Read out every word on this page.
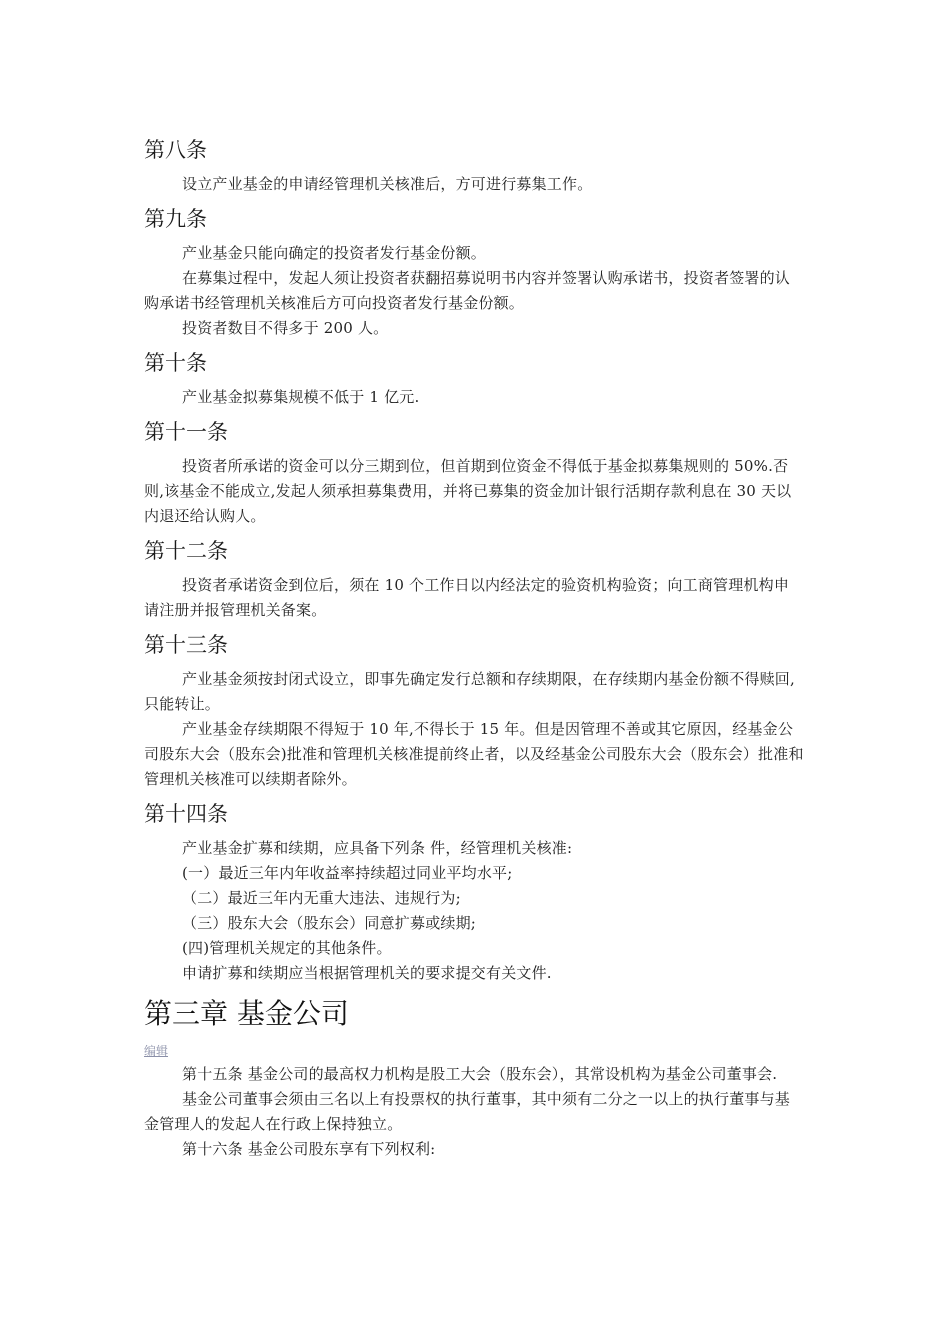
第八条

设立产业基金的申请经管理机关核准后，方可进行募集工作。

第九条

产业基金只能向确定的投资者发行基金份额。

在募集过程中，发起人须让投资者获翻招募说明书内容并签署认购承诺书，投资者签署的认购承诺书经管理机关核准后方可向投资者发行基金份额。

投资者数目不得多于 200 人。

第十条

产业基金拟募集规模不低于 1 亿元.

第十一条

投资者所承诺的资金可以分三期到位，但首期到位资金不得低于基金拟募集规则的 50%.否则,该基金不能成立,发起人须承担募集费用，并将已募集的资金加计银行活期存款利息在 30 天以内退还给认购人。

第十二条

投资者承诺资金到位后，须在 10 个工作日以内经法定的验资机构验资；向工商管理机构申请注册并报管理机关备案。

第十三条

产业基金须按封闭式设立，即事先确定发行总额和存续期限，在存续期内基金份额不得赎回,只能转让。

产业基金存续期限不得短于 10 年,不得长于 15 年。但是因管理不善或其它原因，经基金公司股东大会（股东会)批准和管理机关核准提前终止者，以及经基金公司股东大会（股东会）批准和管理机关核准可以续期者除外。

第十四条

产业基金扩募和续期，应具备下列条 件，经管理机关核准:

(一）最近三年内年收益率持续超过同业平均水平;

（二）最近三年内无重大违法、违规行为;

（三）股东大会（股东会）同意扩募或续期;

(四)管理机关规定的其他条件。

申请扩募和续期应当根据管理机关的要求提交有关文件.

第三章 基金公司
编辑

第十五条 基金公司的最高权力机构是股工大会（股东会），其常设机构为基金公司董事会.

基金公司董事会须由三名以上有投票权的执行董事，其中须有二分之一以上的执行董事与基金管理人的发起人在行政上保持独立。

第十六条 基金公司股东享有下列权利:
